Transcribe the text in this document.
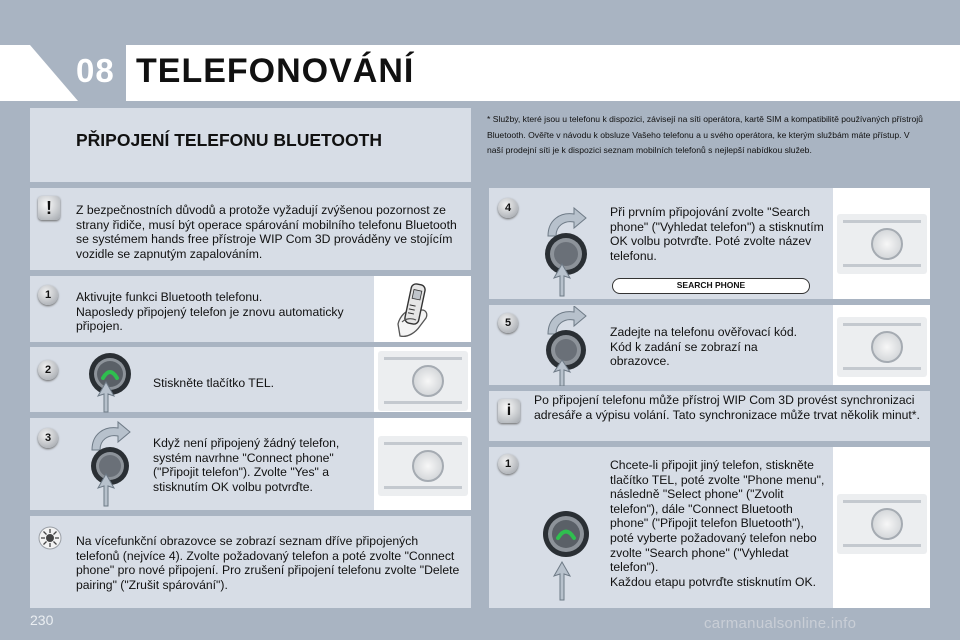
08 TELEFONOVÁNÍ
PŘIPOJENÍ TELEFONU BLUETOOTH
* Služby, které jsou u telefonu k dispozici, závisejí na síti operátora, kartě SIM a kompatibilitě používaných přístrojů Bluetooth. Ověřte v návodu k obsluze Vašeho telefonu a u svého operátora, ke kterým službám máte přístup. V naší prodejní síti je k dispozici seznam mobilních telefonů s nejlepší nabídkou služeb.
!	Z bezpečnostních důvodů a protože vyžadují zvýšenou pozornost ze strany řidiče, musí být operace spárování mobilního telefonu Bluetooth se systémem hands free přístroje WIP Com 3D prováděny ve stojícím vozidle se zapnutým zapalováním.
1	Aktivujte funkci Bluetooth telefonu.
Naposledy připojený telefon je znovu automaticky připojen.
2
Stiskněte tlačítko TEL.
3	Když není připojený žádný telefon, systém navrhne "Connect phone" ("Připojit telefon"). Zvolte "Yes" a stisknutím OK volbu potvrďte.
Na vícefunkční obrazovce se zobrazí seznam dříve připojených telefonů (nejvíce 4). Zvolte požadovaný telefon a poté zvolte "Connect phone" pro nové připojení. Pro zrušení připojení telefonu zvolte "Delete pairing" ("Zrušit spárování").
4	Při prvním připojování zvolte "Search phone" ("Vyhledat telefon") a stisknutím OK volbu potvrďte. Poté zvolte název telefonu.
SEARCH PHONE
5
Zadejte na telefonu ověřovací kód. Kód k zadání se zobrazí na obrazovce.
i
Po připojení telefonu může přístroj WIP Com 3D provést synchronizaci adresáře a výpisu volání. Tato synchronizace může trvat několik minut*.
1	Chcete-li připojit jiný telefon, stiskněte tlačítko TEL, poté zvolte "Phone menu", následně "Select phone" ("Zvolit telefon"), dále "Connect Bluetooth phone" ("Připojit telefon Bluetooth"), poté vyberte požadovaný telefon nebo zvolte "Search phone" ("Vyhledat telefon").
Každou etapu potvrďte stisknutím OK.
230	carmanualsonline.info
